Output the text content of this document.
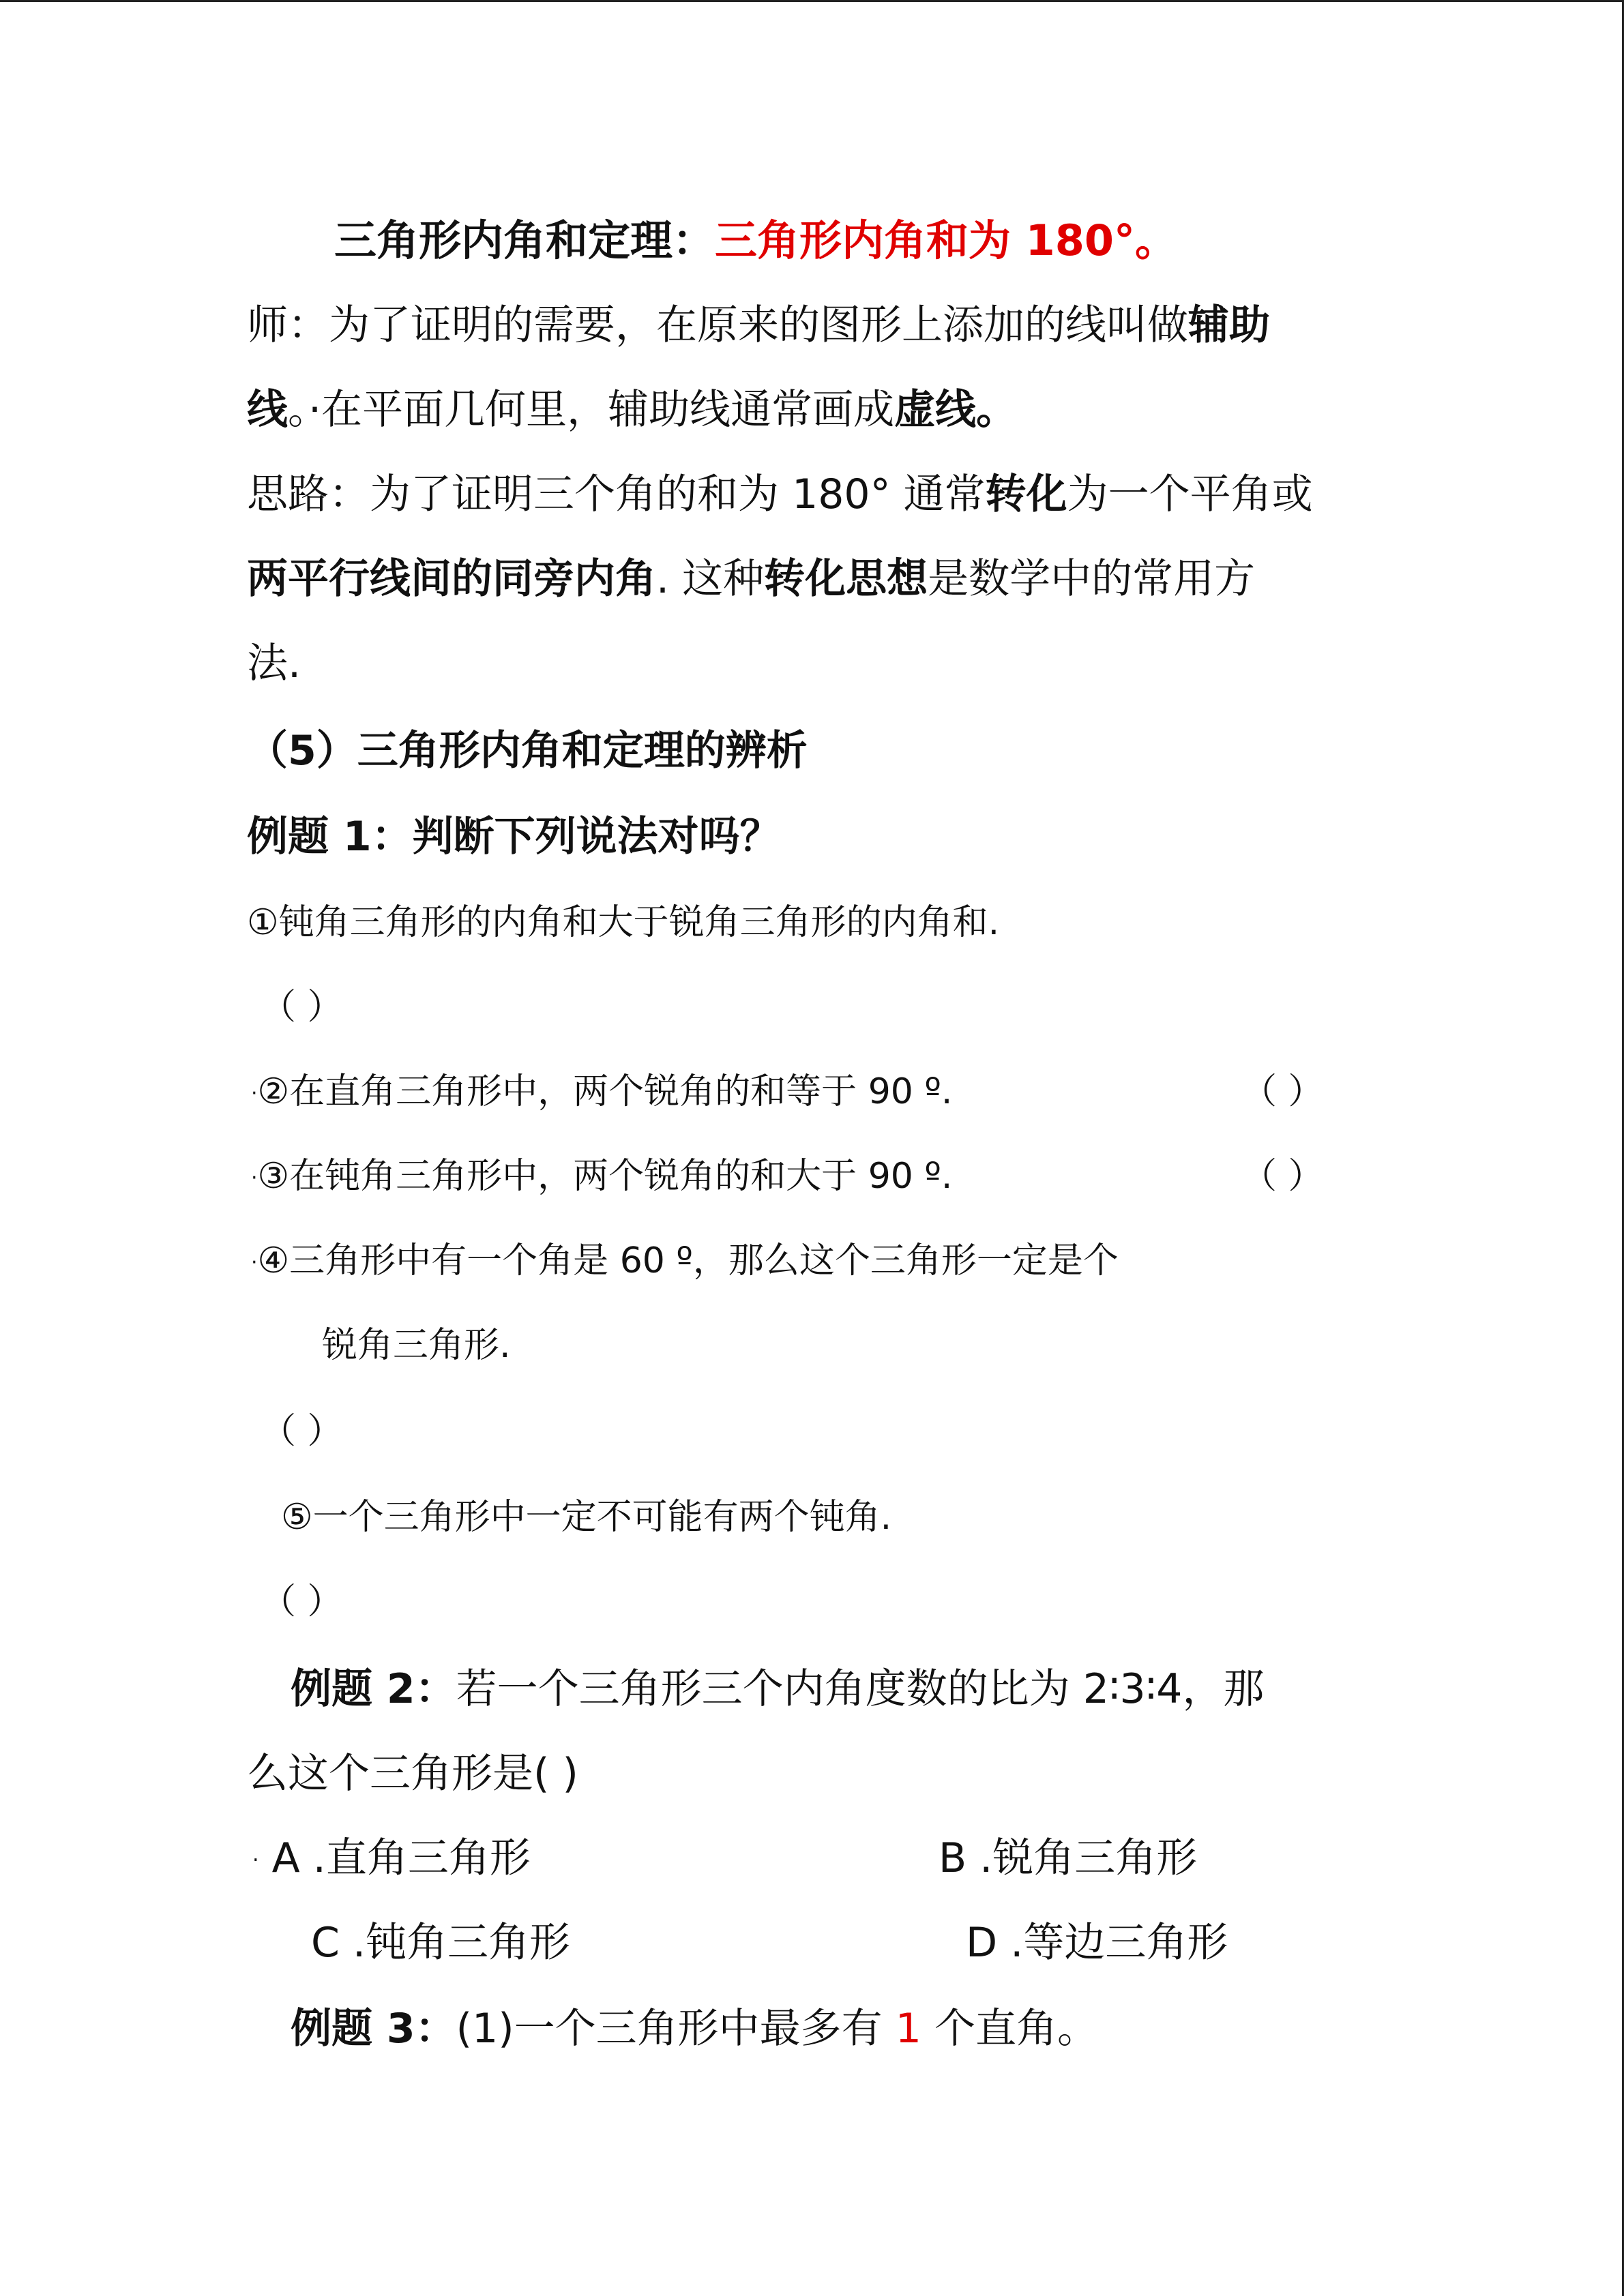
三角形内角和定理：三角形内角和为 180°。
师：为了证明的需要，在原来的图形上添加的线叫做辅助
线。·在平面几何里，辅助线通常画成虚线。
思路：为了证明三个角的和为 180° 通常转化为一个平角或
两平行线间的同旁内角. 这种转化思想是数学中的常用方
法.
（5）三角形内角和定理的辨析
例题 1：判断下列说法对吗？
①钝角三角形的内角和大于锐角三角形的内角和.
（ ）
·②在直角三角形中，两个锐角的和等于 90 º.	（ ）
·③在钝角三角形中，两个锐角的和大于 90 º.	（ ）
·④三角形中有一个角是 60 º，那么这个三角形一定是个
锐角三角形.
（ ）
⑤一个三角形中一定不可能有两个钝角.
（ ）
例题 2：若一个三角形三个内角度数的比为 2∶3∶4，那
么这个三角形是( )
· A .直角三角形	B .锐角三角形
C .钝角三角形	D .等边三角形
例题 3：(1)一个三角形中最多有 1 个直角。
